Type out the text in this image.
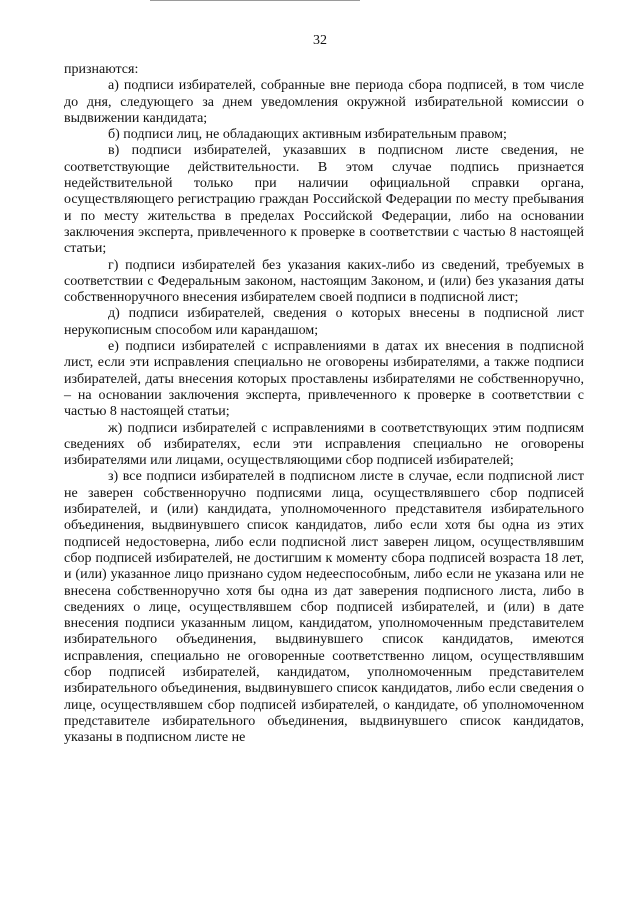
32

признаются:

а) подписи избирателей, собранные вне периода сбора подписей, в том числе до дня, следующего за днем уведомления окружной избирательной комиссии о выдвижении кандидата;

б) подписи лиц, не обладающих активным избирательным правом;

в) подписи избирателей, указавших в подписном листе сведения, не соответствующие действительности. В этом случае подпись признается недействительной только при наличии официальной справки органа, осуществляющего регистрацию граждан Российской Федерации по месту пребывания и по месту жительства в пределах Российской Федерации, либо на основании заключения эксперта, привлеченного к проверке в соответствии с частью 8 настоящей статьи;

г) подписи избирателей без указания каких-либо из сведений, требуемых в соответствии с Федеральным законом, настоящим Законом, и (или) без указания даты собственноручного внесения избирателем своей подписи в подписной лист;

д) подписи избирателей, сведения о которых внесены в подписной лист нерукописным способом или карандашом;

е) подписи избирателей с исправлениями в датах их внесения в подписной лист, если эти исправления специально не оговорены избирателями, а также подписи избирателей, даты внесения которых проставлены избирателями не собственноручно, – на основании заключения эксперта, привлеченного к проверке в соответствии с частью 8 настоящей статьи;

ж) подписи избирателей с исправлениями в соответствующих этим подписям сведениях об избирателях, если эти исправления специально не оговорены избирателями или лицами, осуществляющими сбор подписей избирателей;

з) все подписи избирателей в подписном листе в случае, если подписной лист не заверен собственноручно подписями лица, осуществлявшего сбор подписей избирателей, и (или) кандидата, уполномоченного представителя избирательного объединения, выдвинувшего список кандидатов, либо если хотя бы одна из этих подписей недостоверна, либо если подписной лист заверен лицом, осуществлявшим сбор подписей избирателей, не достигшим к моменту сбора подписей возраста 18 лет, и (или) указанное лицо признано судом недееспособным, либо если не указана или не внесена собственноручно хотя бы одна из дат заверения подписного листа, либо в сведениях о лице, осуществлявшем сбор подписей избирателей, и (или) в дате внесения подписи указанным лицом, кандидатом, уполномоченным представителем избирательного объединения, выдвинувшего список кандидатов, имеются исправления, специально не оговоренные соответственно лицом, осуществлявшим сбор подписей избирателей, кандидатом, уполномоченным представителем избирательного объединения, выдвинувшего список кандидатов, либо если сведения о лице, осуществлявшем сбор подписей избирателей, о кандидате, об уполномоченном представителе избирательного объединения, выдвинувшего список кандидатов, указаны в подписном листе не
